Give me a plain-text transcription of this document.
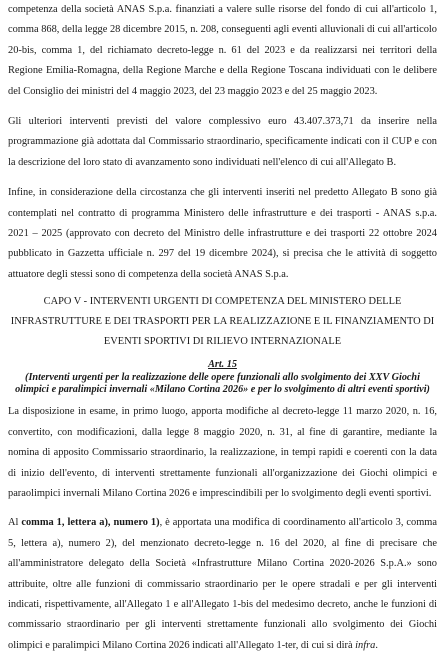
competenza della società ANAS S.p.a. finanziati a valere sulle risorse del fondo di cui all'articolo 1, comma 868, della legge 28 dicembre 2015, n. 208, conseguenti agli eventi alluvionali di cui all'articolo 20-bis, comma 1, del richiamato decreto-legge n. 61 del 2023 e da realizzarsi nei territori della Regione Emilia-Romagna, della Regione Marche e della Regione Toscana individuati con le delibere del Consiglio dei ministri del 4 maggio 2023, del 23 maggio 2023 e del 25 maggio 2023.

Gli ulteriori interventi previsti del valore complessivo euro 43.407.373,71 da inserire nella programmazione già adottata dal Commissario straordinario, specificamente indicati con il CUP e con la descrizione del loro stato di avanzamento sono individuati nell'elenco di cui all'Allegato B.

Infine, in considerazione della circostanza che gli interventi inseriti nel predetto Allegato B sono già contemplati nel contratto di programma Ministero delle infrastrutture e dei trasporti - ANAS s.p.a. 2021 – 2025 (approvato con decreto del Ministro delle infrastrutture e dei trasporti 22 ottobre 2024 pubblicato in Gazzetta ufficiale n. 297 del 19 dicembre 2024), si precisa che le attività di soggetto attuatore degli stessi sono di competenza della società ANAS S.p.a.

CAPO V - INTERVENTI URGENTI DI COMPETENZA DEL MINISTERO DELLE INFRASTRUTTURE E DEI TRASPORTI PER LA REALIZZAZIONE E IL FINANZIAMENTO DI EVENTI SPORTIVI DI RILIEVO INTERNAZIONALE
Art. 15
(Interventi urgenti per la realizzazione delle opere funzionali allo svolgimento dei XXV Giochi olimpici e paralimpici invernali «Milano Cortina 2026» e per lo svolgimento di altri eventi sportivi)

La disposizione in esame, in primo luogo, apporta modifiche al decreto-legge 11 marzo 2020, n. 16, convertito, con modificazioni, dalla legge 8 maggio 2020, n. 31, al fine di garantire, mediante la nomina di apposito Commissario straordinario, la realizzazione, in tempi rapidi e coerenti con la data di inizio dell'evento, di interventi strettamente funzionali all'organizzazione dei Giochi olimpici e paraolimpici invernali Milano Cortina 2026 e imprescindibili per lo svolgimento degli eventi sportivi.

Al comma 1, lettera a), numero 1), è apportata una modifica di coordinamento all'articolo 3, comma 5, lettera a), numero 2), del menzionato decreto-legge n. 16 del 2020, al fine di precisare che all'amministratore delegato della Società «Infrastrutture Milano Cortina 2020-2026 S.p.A.» sono attribuite, oltre alle funzioni di commissario straordinario per le opere stradali e per gli interventi indicati, rispettivamente, all'Allegato 1 e all'Allegato 1-bis del medesimo decreto, anche le funzioni di commissario straordinario per gli interventi strettamente funzionali allo svolgimento dei Giochi olimpici e paralimpici Milano Cortina 2026 indicati all'Allegato 1-ter, di cui si dirà infra.
